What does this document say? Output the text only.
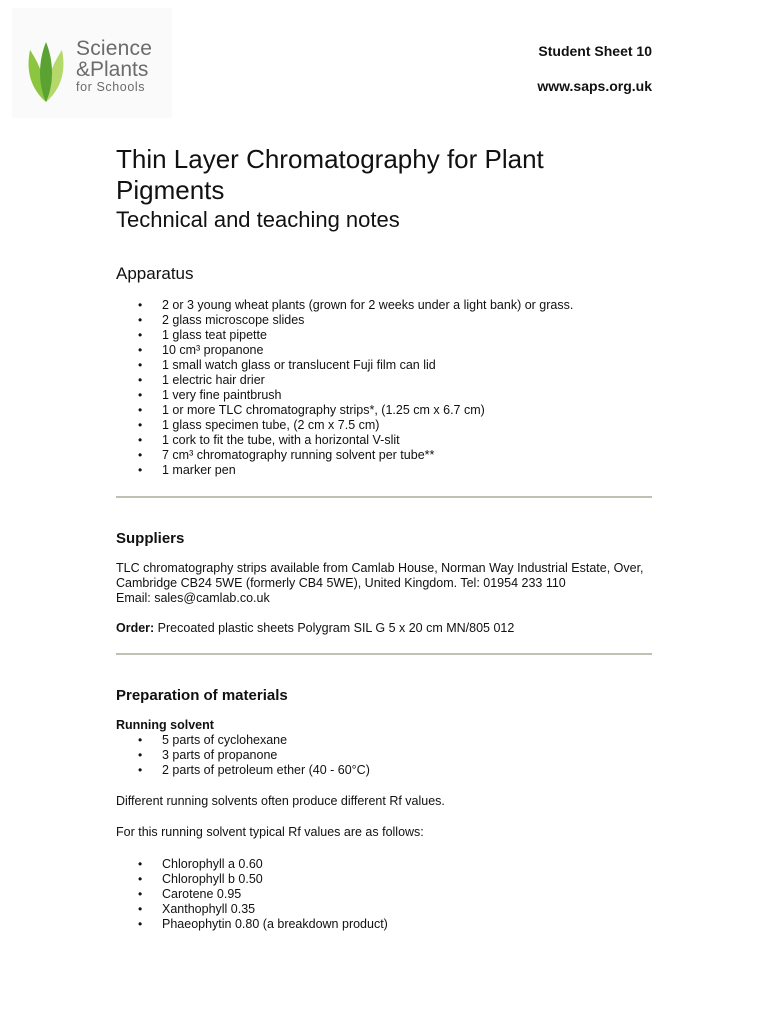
Science
&Plants
for Schools
Student Sheet 10
www.saps.org.uk
Thin Layer Chromatography for Plant Pigments
Technical and teaching notes
Apparatus
• 2 or 3 young wheat plants (grown for 2 weeks under a light bank) or grass.
• 2 glass microscope slides
• 1 glass teat pipette
• 10 cm³ propanone
• 1 small watch glass or translucent Fuji film can lid
• 1 electric hair drier
• 1 very fine paintbrush
• 1 or more TLC chromatography strips*, (1.25 cm x 6.7 cm)
• 1 glass specimen tube, (2 cm x 7.5 cm)
• 1 cork to fit the tube, with a horizontal V-slit
• 7 cm³ chromatography running solvent per tube**
• 1 marker pen
Suppliers

TLC chromatography strips available from Camlab House, Norman Way Industrial Estate, Over, Cambridge CB24 5WE (formerly CB4 5WE), United Kingdom. Tel: 01954 233 110

Email: sales@camlab.co.uk

Order: Precoated plastic sheets Polygram SIL G 5 x 20 cm MN/805 012

Preparation of materials
Running solvent
• 5 parts of cyclohexane
• 3 parts of propanone
• 2 parts of petroleum ether (40 - 60°C)

Different running solvents often produce different Rf values.

For this running solvent typical Rf values are as follows:

• Chlorophyll a 0.60
• Chlorophyll b 0.50
• Carotene 0.95
• Xanthophyll 0.35
• Phaeophytin 0.80 (a breakdown product)
